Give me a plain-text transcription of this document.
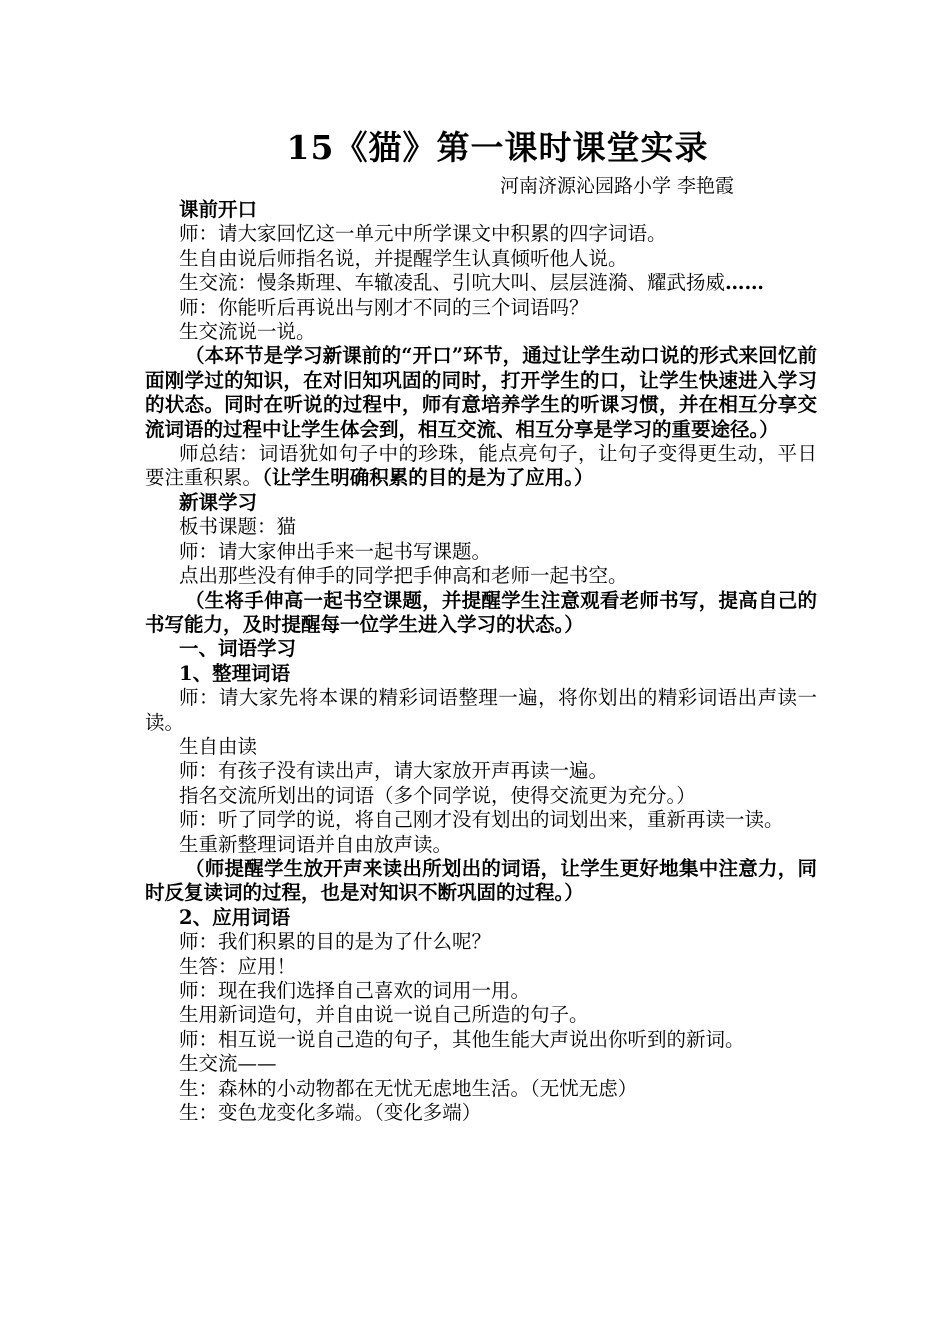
15《猫》第一课时课堂实录
河南济源沁园路小学 李艳霞

课前开口

师：请大家回忆这一单元中所学课文中积累的四字词语。

生自由说后师指名说，并提醒学生认真倾听他人说。

生交流：慢条斯理、车辙凌乱、引吭大叫、层层涟漪、耀武扬威……

师：你能听后再说出与刚才不同的三个词语吗？

生交流说一说。

（本环节是学习新课前的“开口”环节，通过让学生动口说的形式来回忆前面刚学过的知识，在对旧知巩固的同时，打开学生的口，让学生快速进入学习的状态。同时在听说的过程中，师有意培养学生的听课习惯，并在相互分享交流词语的过程中让学生体会到，相互交流、相互分享是学习的重要途径。）

师总结：词语犹如句子中的珍珠，能点亮句子，让句子变得更生动，平日要注重积累。（让学生明确积累的目的是为了应用。）

新课学习

板书课题：猫

师：请大家伸出手来一起书写课题。

点出那些没有伸手的同学把手伸高和老师一起书空。

（生将手伸高一起书空课题，并提醒学生注意观看老师书写，提高自己的书写能力，及时提醒每一位学生进入学习的状态。）

一、词语学习

1、整理词语

师：请大家先将本课的精彩词语整理一遍，将你划出的精彩词语出声读一读。

生自由读

师：有孩子没有读出声，请大家放开声再读一遍。

指名交流所划出的词语（多个同学说，使得交流更为充分。）

师：听了同学的说，将自己刚才没有划出的词划出来，重新再读一读。

生重新整理词语并自由放声读。

（师提醒学生放开声来读出所划出的词语，让学生更好地集中注意力，同时反复读词的过程，也是对知识不断巩固的过程。）

2、应用词语

师：我们积累的目的是为了什么呢？

生答：应用！

师：现在我们选择自己喜欢的词用一用。

生用新词造句，并自由说一说自己所造的句子。

师：相互说一说自己造的句子，其他生能大声说出你听到的新词。

生交流——

生：森林的小动物都在无忧无虑地生活。（无忧无虑）

生：变色龙变化多端。（变化多端）
